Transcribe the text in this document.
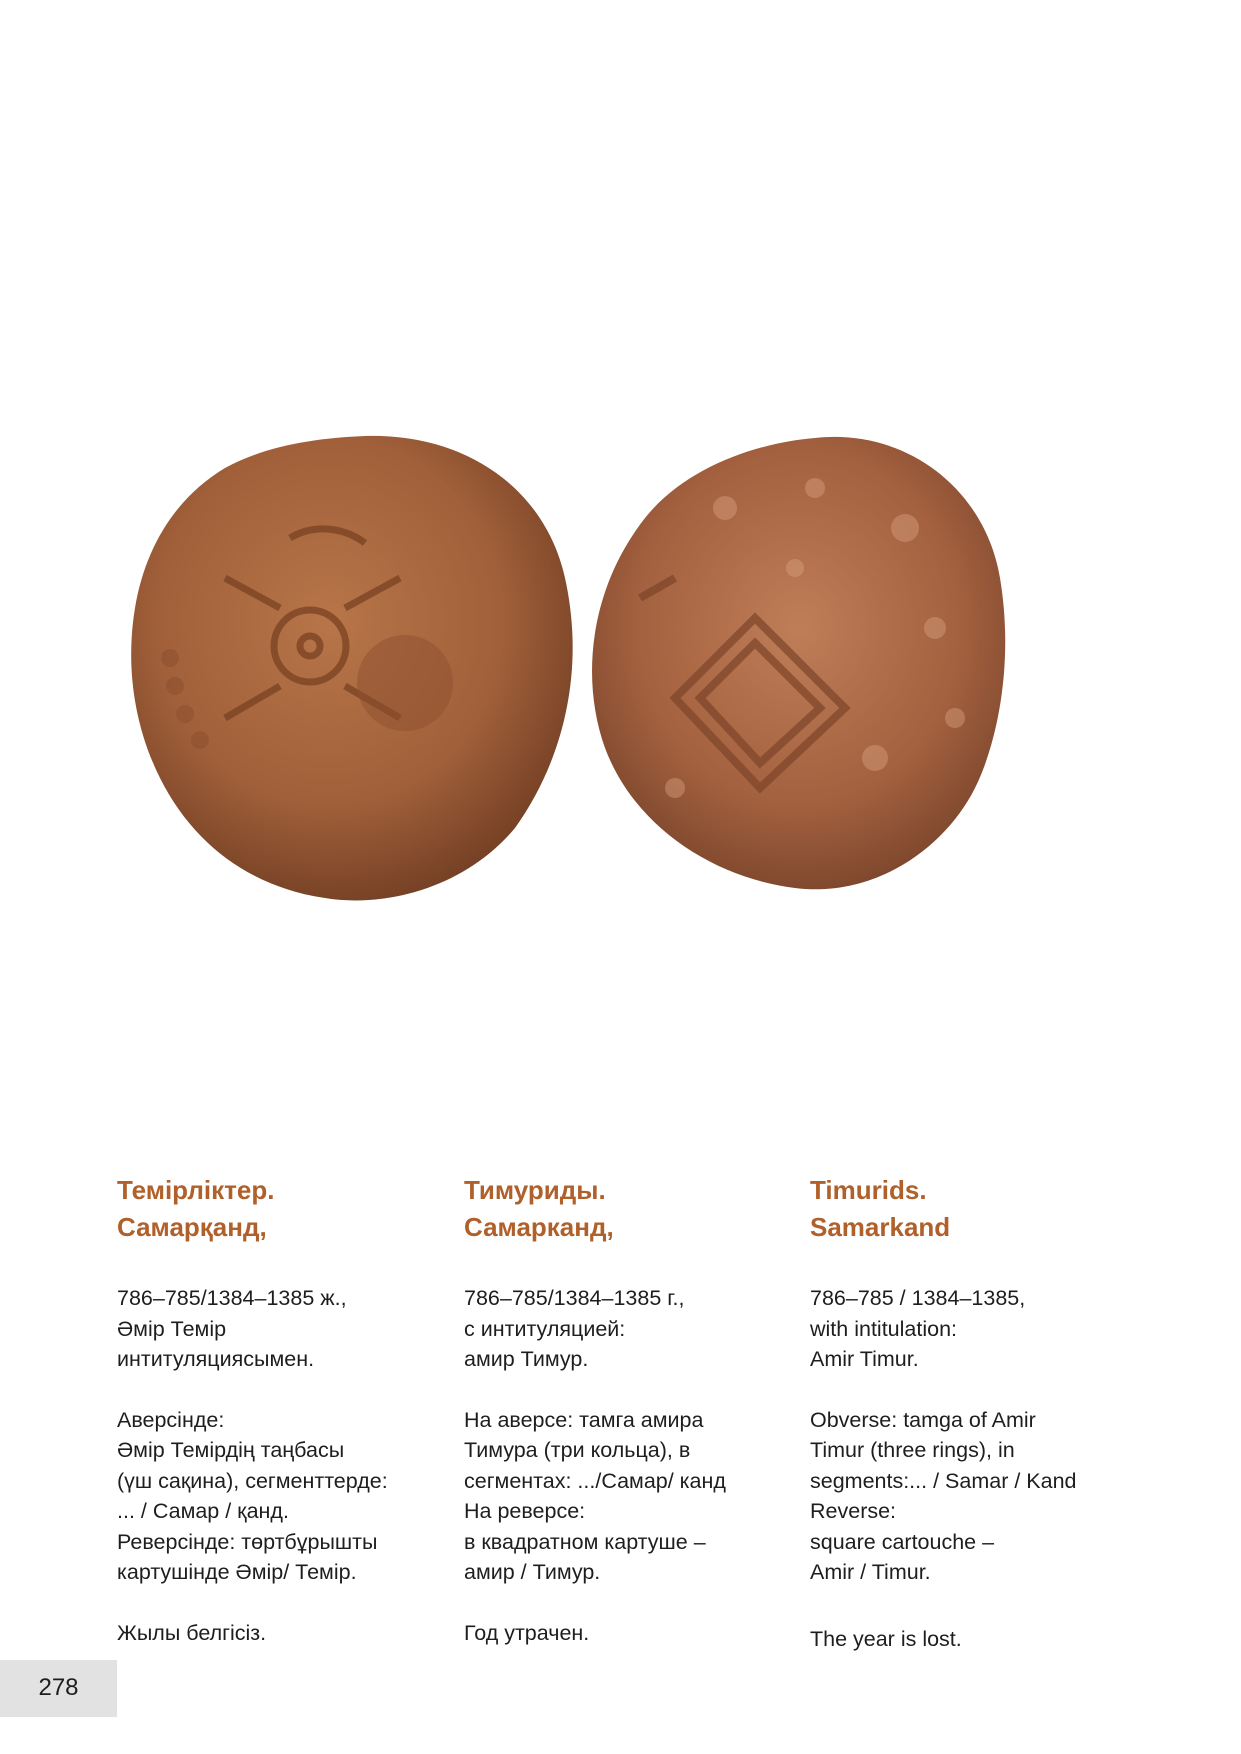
Темірліктер.
Самарқанд,

786–785/1384–1385 ж.,
Әмір Темір
интитуляциясымен.

Аверсінде:
Әмір Темірдің таңбасы
(үш сақина), сегменттерде:
... / Самар / қанд.
Реверсінде: төртбұрышты
картушінде Әмір/ Темір.

Жылы белгісіз.

Тимуриды.
Самарканд,

786–785/1384–1385 г.,
с интитуляцией:
амир Тимур.

На аверсе: тамга амира
Тимура (три кольца), в
сегментах: .../Самар/ канд
На реверсе:
в квадратном картуше –
амир / Тимур.

Год утрачен.

Timurids.
Samarkand

786–785 / 1384–1385,
with intitulation:
Amir Timur.

Obverse: tamga of Amir
Timur (three rings), in
segments:... / Samar / Kand
Reverse:
square cartouche –
Amir / Timur.

The year is lost.

278
